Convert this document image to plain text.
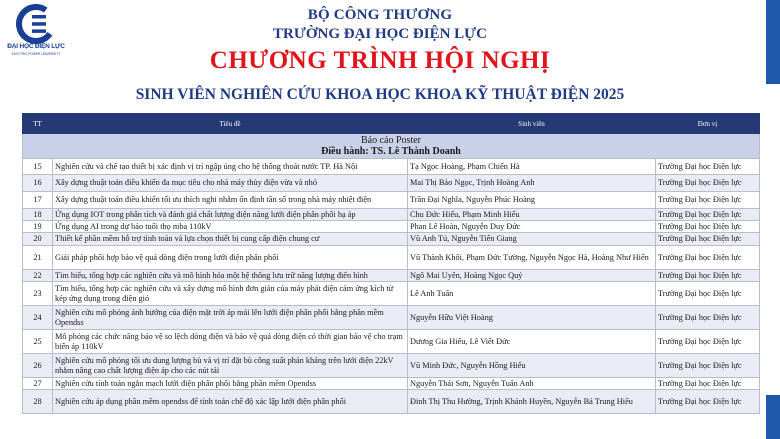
ĐẠI HỌC ĐIỆN LỰC
ELECTRIC POWER UNIVERSITY
BỘ CÔNG THƯƠNG
TRƯỜNG ĐẠI HỌC ĐIỆN LỰC
CHƯƠNG TRÌNH HỘI NGHỊ
SINH VIÊN NGHIÊN CỨU KHOA HỌC KHOA KỸ THUẬT ĐIỆN 2025
TT	Tiêu đề	Sinh viên	Đơn vị

Báo cáo Poster
Điều hành: TS. Lê Thành Doanh			

15	Nghiên cứu và chế tạo thiết bị xác định vị trí ngập úng cho hệ thống thoát nước TP. Hà Nội	Tạ Ngọc Hoàng, Phạm Chiến Hà	Trường Đại học Điện lực
16	Xây dựng thuật toán điều khiển đa mục tiêu cho nhà máy thủy điện vừa và nhỏ	Mai Thị Bảo Ngọc, Trịnh Hoàng Anh	Trường Đại học Điện lực
17	Xây dựng thuật toán điều khiển tối ưu thích nghi nhằm ổn định tần số trong nhà máy nhiệt điện	Trần Đại Nghĩa, Nguyễn Phúc Hoàng	Trường Đại học Điện lực
18	Ứng dụng IOT trong phân tích và đánh giá chất lượng điện năng lưới điện phân phối hạ áp	Chu Đức Hiếu, Phạm Minh Hiếu	Trường Đại học Điện lực
19	Ứng dụng AI trong dự báo tuổi thọ mba 110kV	Phan Lê Hoàn, Nguyễn Duy Đức	Trường Đại học Điện lực
20	Thiết kế phần mềm hỗ trợ tính toán và lựa chọn thiết bị cung cấp điện chung cư	Vũ Anh Tú, Nguyễn Tiến Giang	Trường Đại học Điện lực
21	Giải pháp phối hợp bảo vệ quá dòng điện trong lưới điện phân phối	Vũ Thành Khôi, Phạm Đức Tường, Nguyễn Ngọc Hà, Hoàng Như Hiển	Trường Đại học Điện lực
22	Tìm hiểu, tổng hợp các nghiên cứu và mô hình hóa một hệ thống lưu trữ năng lượng điển hình	Ngô Mai Uyên, Hoàng Ngọc Quý	Trường Đại học Điện lực
23	Tìm hiểu, tổng hợp các nghiên cứu và xây dựng mô hình đơn giản của máy phát điện cảm ứng kích từ kép ứng dụng trong điện gió	Lê Anh Tuấn	Trường Đại học Điện lực
24	Nghiên cứu mô phỏng ảnh hưởng của điện mặt trời áp mái lên lưới điện phân phối bằng phần mềm Opendss	Nguyễn Hữu Việt Hoàng	Trường Đại học Điện lực
25	Mô phỏng các chức năng bảo vệ so lệch dòng điện và bảo vệ quá dòng điện có thời gian bảo vệ cho trạm biến áp 110kV	Dương Gia Hiếu, Lê Viết Đức	Trường Đại học Điện lực
26	Nghiên cứu mô phỏng tối ưu dung lượng bù và vị trí đặt bù công suất phản kháng trên lưới điện 22kV nhằm nâng cao chất lượng điện áp cho các nút tải	Vũ Minh Đức, Nguyễn Hồng Hiếu	Trường Đại học Điện lực
27	Nghiên cứu tính toán ngắn mạch lưới điện phân phối bằng phần mềm Opendss	Nguyễn Thái Sơn, Nguyễn Tuấn Anh	Trường Đại học Điện lực
28	Nghiên cứu áp dụng phần mềm opendss để tính toán chế độ xác lập lưới điện phân phối	Đinh Thị Thu Hường, Trịnh Khánh Huyền, Nguyễn Bá Trung Hiếu	Trường Đại học Điện lực
